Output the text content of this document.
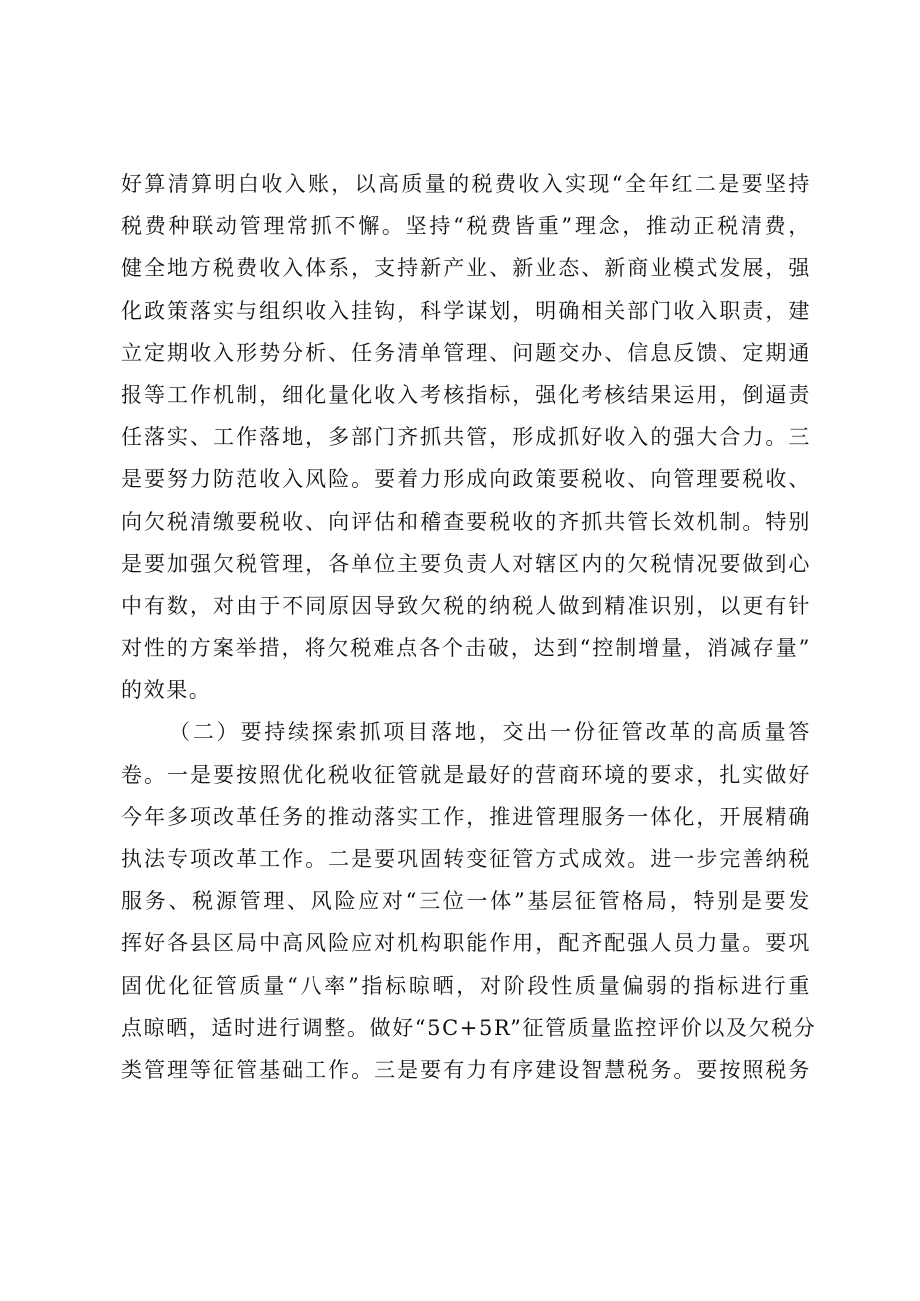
好算清算明白收入账，以高质量的税费收入实现“全年红二是要坚持
税费种联动管理常抓不懈。坚持“税费皆重”理念，推动正税清费，
健全地方税费收入体系，支持新产业、新业态、新商业模式发展，强
化政策落实与组织收入挂钩，科学谋划，明确相关部门收入职责，建
立定期收入形势分析、任务清单管理、问题交办、信息反馈、定期通
报等工作机制，细化量化收入考核指标，强化考核结果运用，倒逼责
任落实、工作落地，多部门齐抓共管，形成抓好收入的强大合力。三
是要努力防范收入风险。要着力形成向政策要税收、向管理要税收、
向欠税清缴要税收、向评估和稽查要税收的齐抓共管长效机制。特别
是要加强欠税管理，各单位主要负责人对辖区内的欠税情况要做到心
中有数，对由于不同原因导致欠税的纳税人做到精准识别，以更有针
对性的方案举措，将欠税难点各个击破，达到“控制增量，消减存量”
的效果。
（二）要持续探索抓项目落地，交出一份征管改革的高质量答
卷。一是要按照优化税收征管就是最好的营商环境的要求，扎实做好
今年多项改革任务的推动落实工作，推进管理服务一体化，开展精确
执法专项改革工作。二是要巩固转变征管方式成效。进一步完善纳税
服务、税源管理、风险应对“三位一体”基层征管格局，特别是要发
挥好各县区局中高风险应对机构职能作用，配齐配强人员力量。要巩
固优化征管质量“八率”指标晾晒，对阶段性质量偏弱的指标进行重
点晾晒，适时进行调整。做好“5C+5R”征管质量监控评价以及欠税分
类管理等征管基础工作。三是要有力有序建设智慧税务。要按照税务
